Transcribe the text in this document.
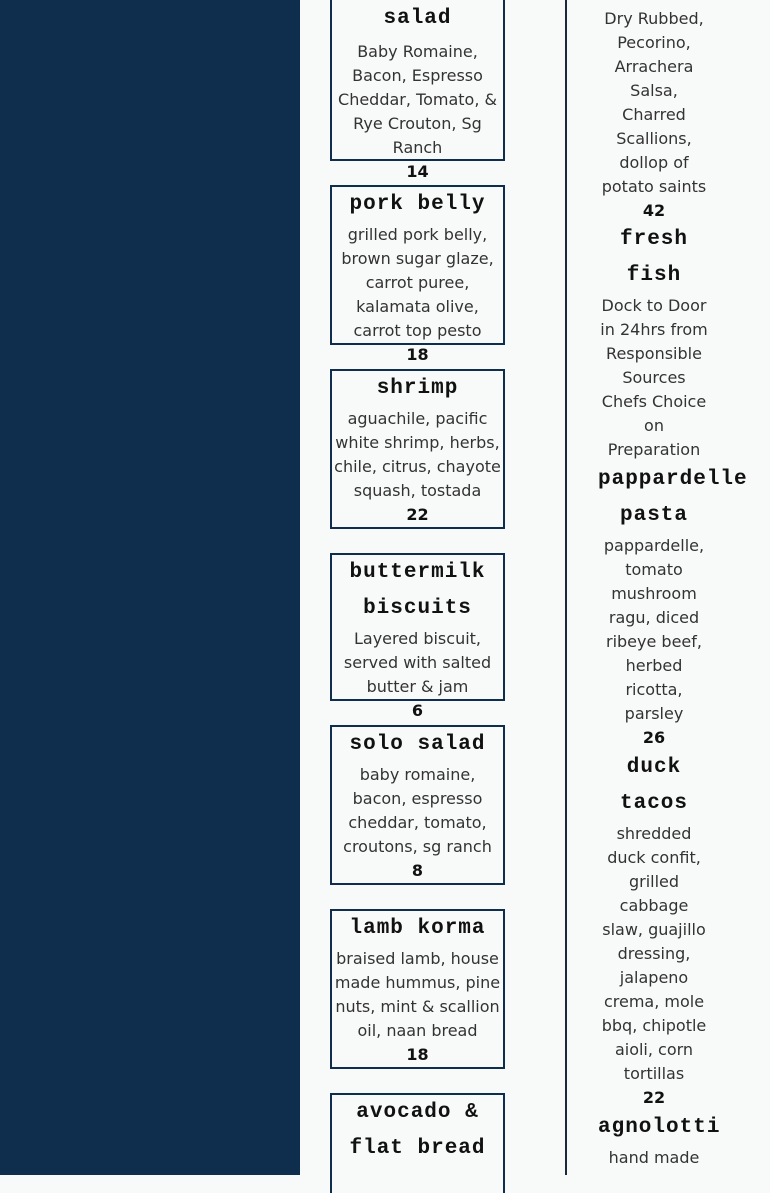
salad
Baby Romaine, Bacon, Espresso Cheddar, Tomato, & Rye Crouton, Sg Ranch
14
pork belly
grilled pork belly, brown sugar glaze, carrot puree, kalamata olive, carrot top pesto
18
shrimp
aguachile, pacific white shrimp, herbs, chile, citrus, chayote squash, tostada
22
buttermilk biscuits
Layered biscuit, served with salted butter & jam
6
solo salad
baby romaine, bacon, espresso cheddar, tomato, croutons, sg ranch
8
lamb korma
braised lamb, house made hummus, pine nuts, mint & scallion oil, naan bread
18
avocado & flat bread
Dry Rubbed, Pecorino, Arrachera Salsa, Charred Scallions, dollop of potato saints
42
fresh fish
Dock to Door in 24hrs from Responsible Sources Chefs Choice on Preparation
pappardelle pasta
pappardelle, tomato mushroom ragu, diced ribeye beef, herbed ricotta, parsley
26
duck tacos
shredded duck confit, grilled cabbage slaw, guajillo dressing, jalapeno crema, mole bbq, chipotle aioli, corn tortillas
22
agnolotti
hand made
